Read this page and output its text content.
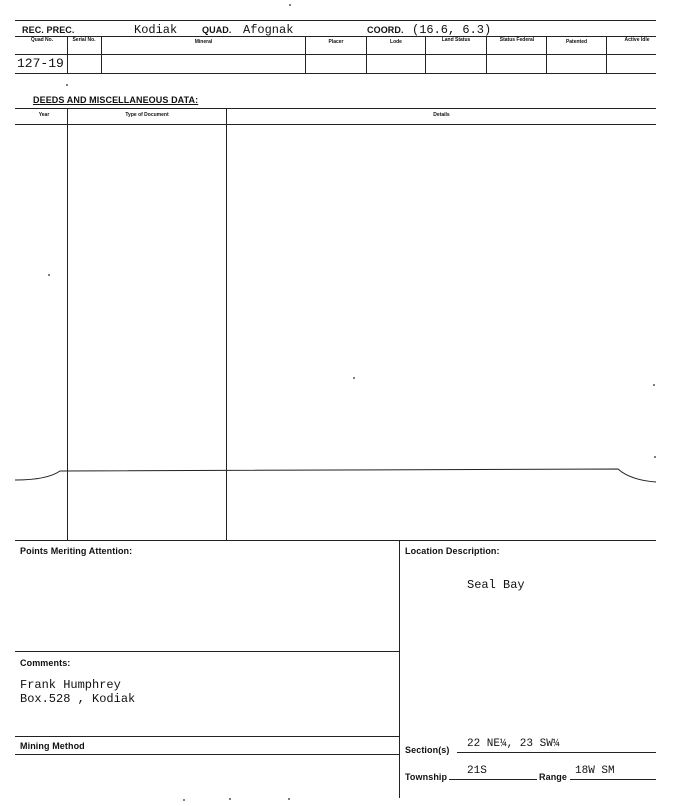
REC. PREC.	Kodiak	QUAD. Afognak	COORD. (16.6, 6.3)
Quad No.	Serial No.	Mineral	Placer	Lode	Land Status	Status Federal	Patented	Active Idle
127-19
DEEDS AND MISCELLANEOUS DATA:
Year	Type of Document	Details
Points Meriting Attention:
Comments:
Frank Humphrey
Box.528 , Kodiak
Mining Method
Location Description:
Seal Bay
Section(s) 22 NE¼, 23 SW¼
Township 21S	Range 18W SM
